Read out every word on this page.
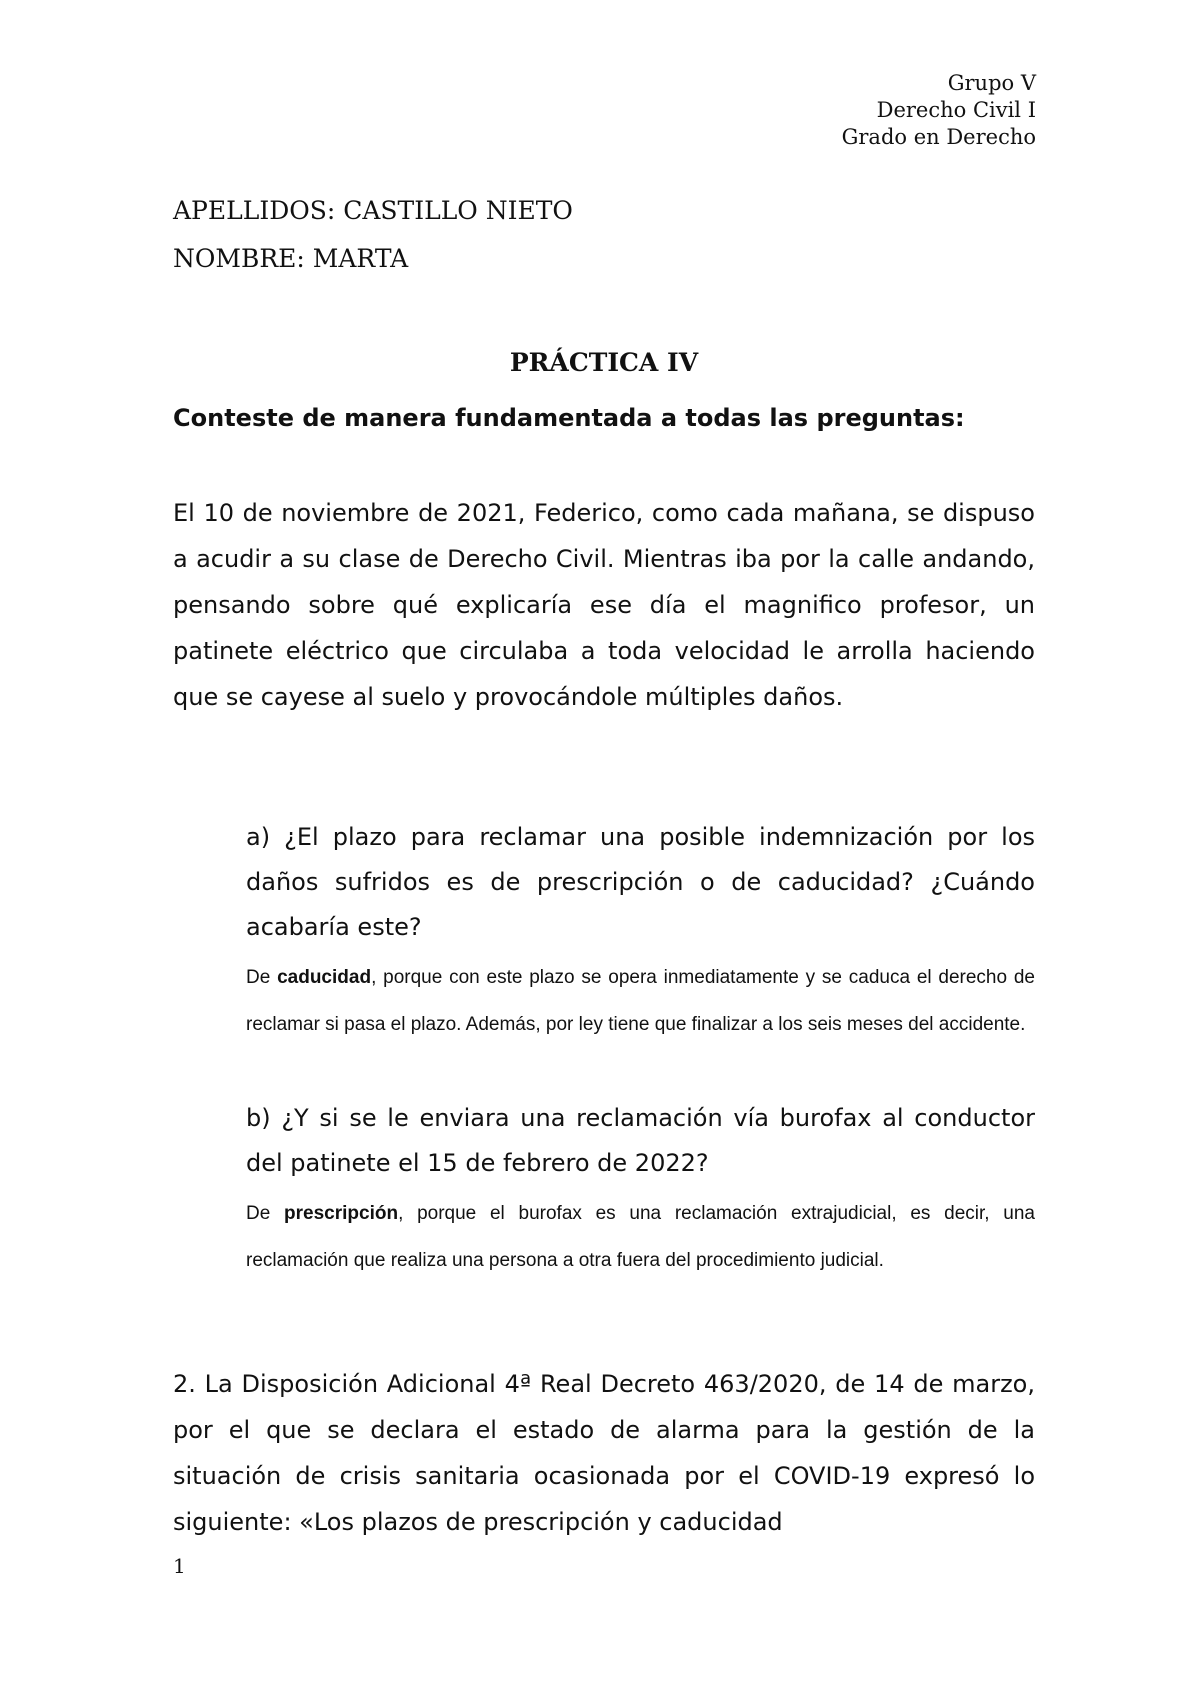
Grupo V
Derecho Civil I
Grado en Derecho
APELLIDOS: CASTILLO NIETO
NOMBRE: MARTA
PRÁCTICA IV
Conteste de manera fundamentada a todas las preguntas:
El 10 de noviembre de 2021, Federico, como cada mañana, se dispuso a acudir a su clase de Derecho Civil. Mientras iba por la calle andando, pensando sobre qué explicaría ese día el magnifico profesor, un patinete eléctrico que circulaba a toda velocidad le arrolla haciendo que se cayese al suelo y provocándole múltiples daños.
a) ¿El plazo para reclamar una posible indemnización por los daños sufridos es de prescripción o de caducidad? ¿Cuándo acabaría este?
De caducidad, porque con este plazo se opera inmediatamente y se caduca el derecho de reclamar si pasa el plazo. Además, por ley tiene que finalizar a los seis meses del accidente.
b) ¿Y si se le enviara una reclamación vía burofax al conductor del patinete el 15 de febrero de 2022?
De prescripción, porque el burofax es una reclamación extrajudicial, es decir, una reclamación que realiza una persona a otra fuera del procedimiento judicial.
2. La Disposición Adicional 4ª Real Decreto 463/2020, de 14 de marzo, por el que se declara el estado de alarma para la gestión de la situación de crisis sanitaria ocasionada por el COVID-19 expresó lo siguiente: «Los plazos de prescripción y caducidad
1
